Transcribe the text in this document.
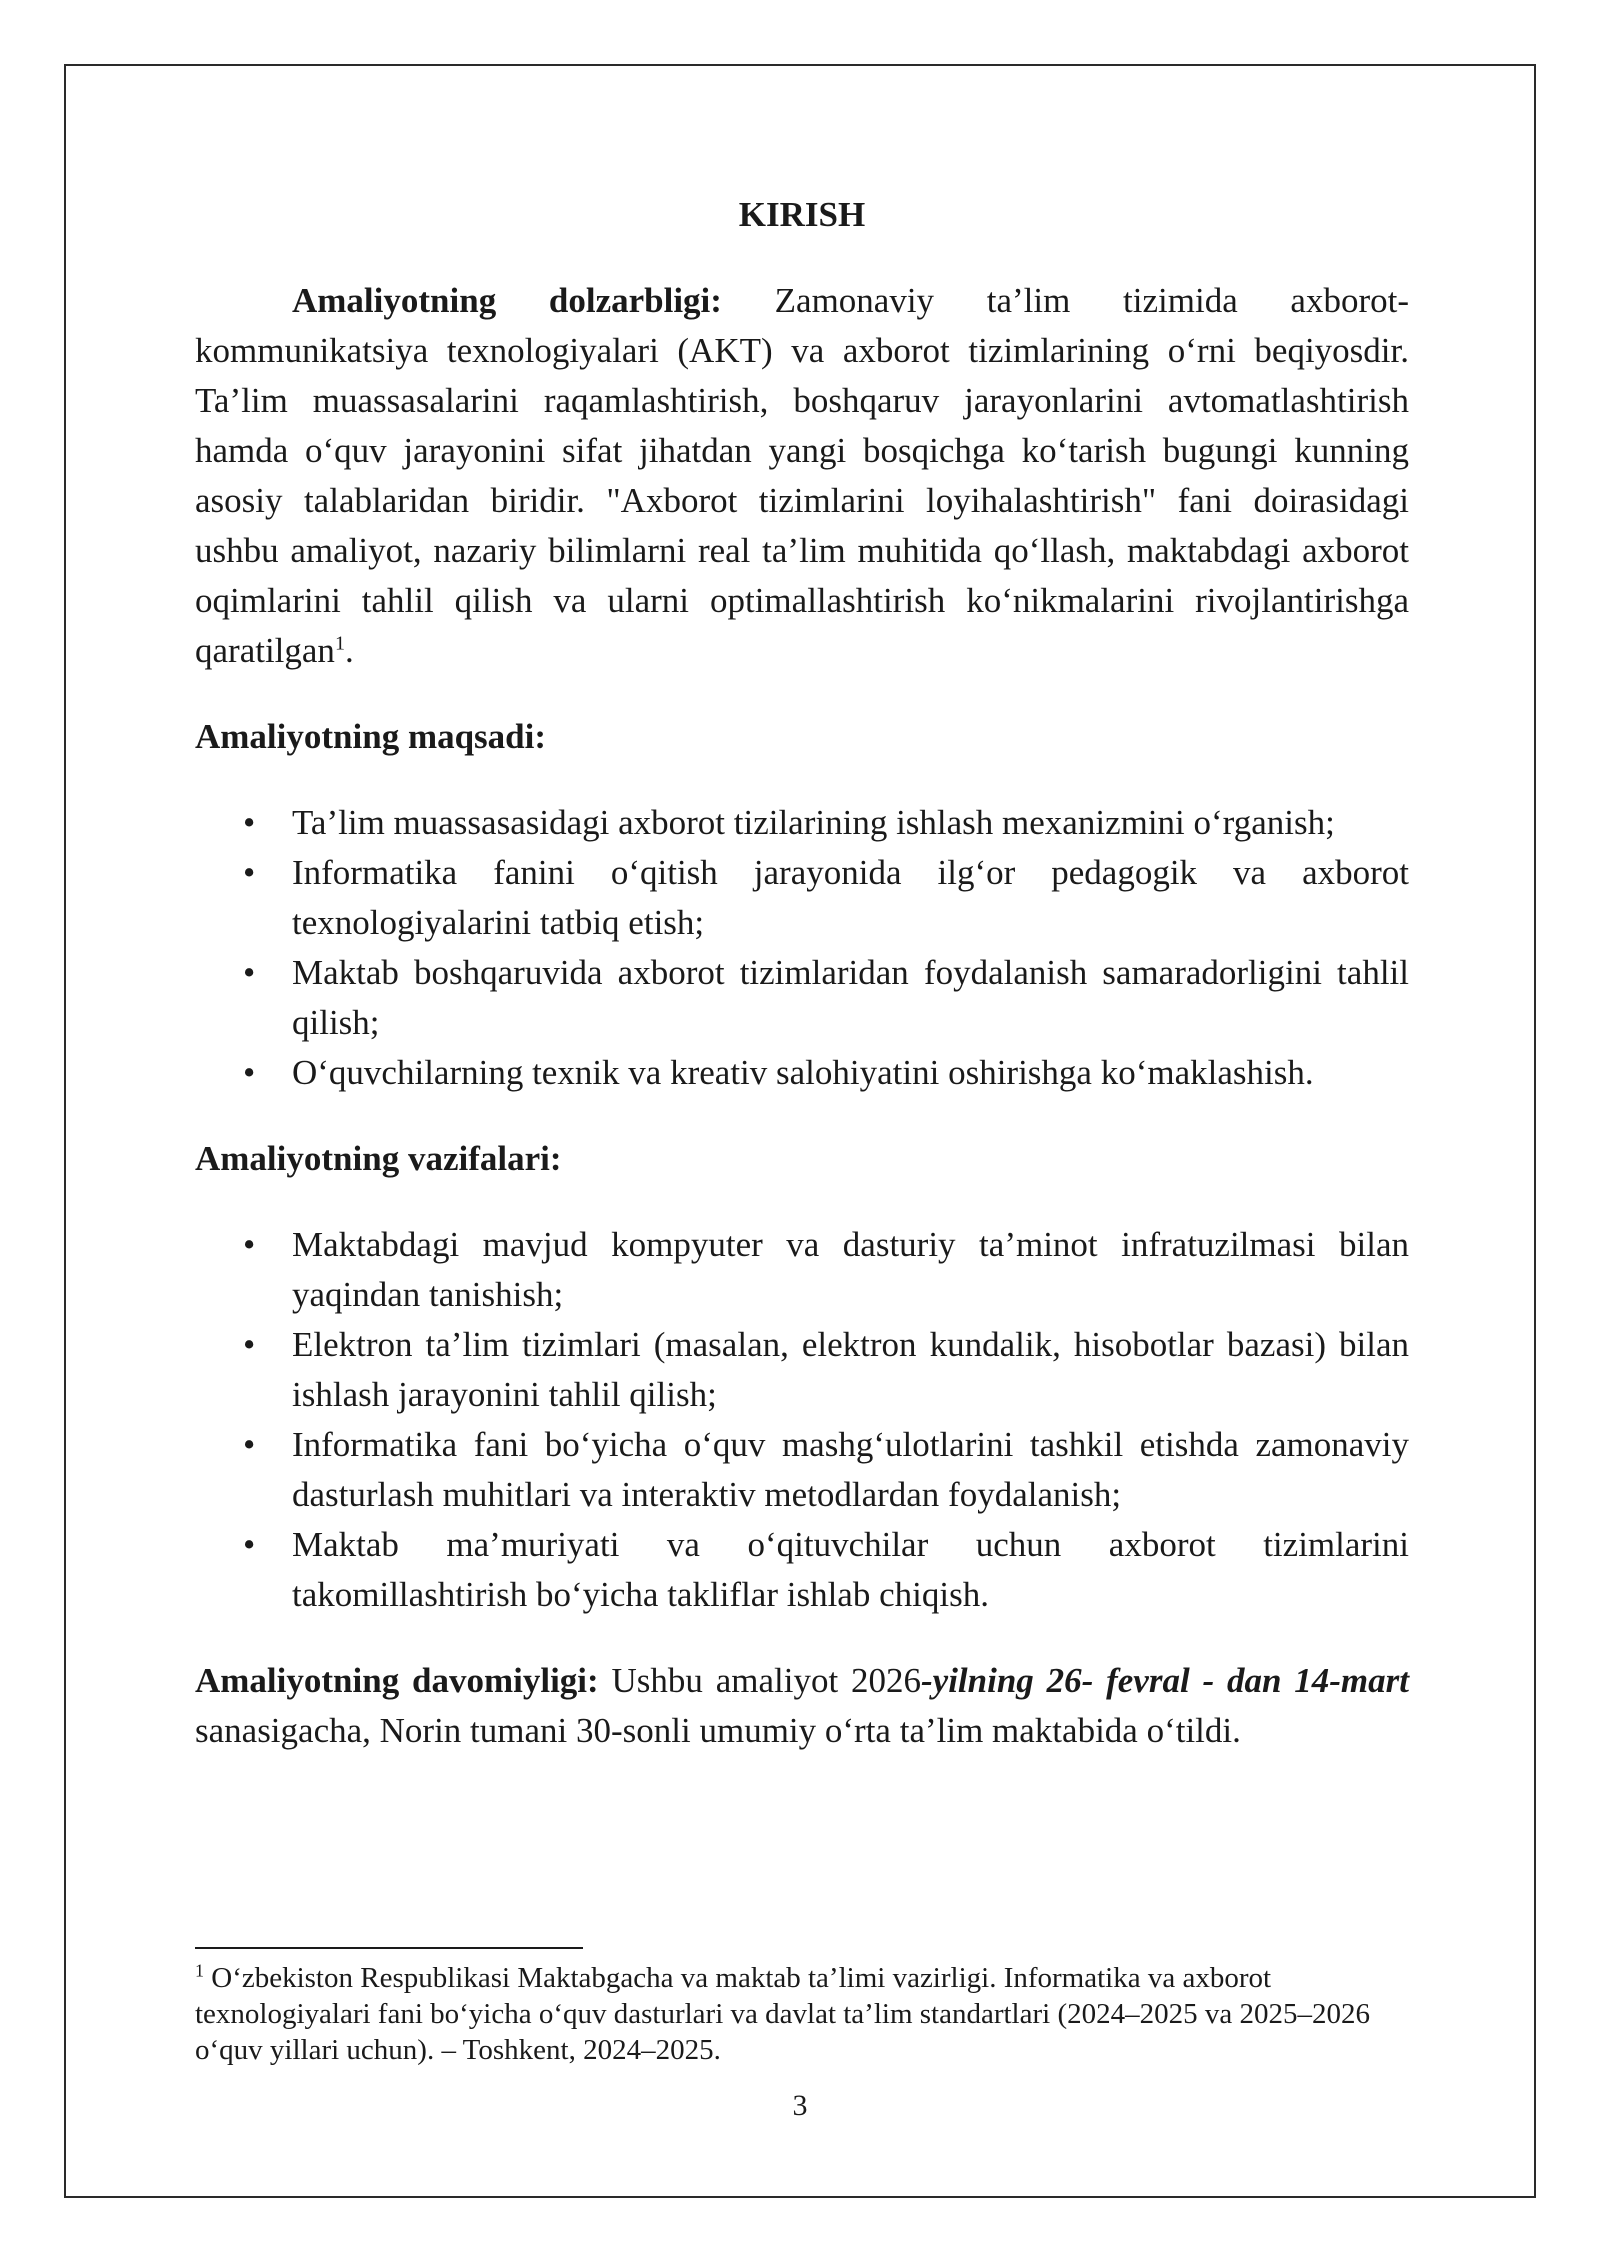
KIRISH

Amaliyotning dolzarbligi: Zamonaviy ta’lim tizimida axborot-kommunikatsiya texnologiyalari (AKT) va axborot tizimlarining o‘rni beqiyosdir. Ta’lim muassasalarini raqamlashtirish, boshqaruv jarayonlarini avtomatlashtirish hamda o‘quv jarayonini sifat jihatdan yangi bosqichga ko‘tarish bugungi kunning asosiy talablaridan biridir. "Axborot tizimlarini loyihalashtirish" fani doirasidagi ushbu amaliyot, nazariy bilimlarni real ta’lim muhitida qo‘llash, maktabdagi axborot oqimlarini tahlil qilish va ularni optimallashtirish ko‘nikmalarini rivojlantirishga qaratilgan$^1$.

Amaliyotning maqsadi:
• Ta’lim muassasasidagi axborot tizilarining ishlash mexanizmini o‘rganish;
• Informatika fanini o‘qitish jarayonida ilg‘or pedagogik va axborot texnologiyalarini tatbiq etish;
• Maktab boshqaruvida axborot tizimlaridan foydalanish samaradorligini tahlil qilish;
• O‘quvchilarning texnik va kreativ salohiyatini oshirishga ko‘maklashish.
Amaliyotning vazifalari:
• Maktabdagi mavjud kompyuter va dasturiy ta’minot infratuzilmasi bilan yaqindan tanishish;
• Elektron ta’lim tizimlari (masalan, elektron kundalik, hisobotlar bazasi) bilan ishlash jarayonini tahlil qilish;
• Informatika fani bo‘yicha o‘quv mashg‘ulotlarini tashkil etishda zamonaviy dasturlash muhitlari va interaktiv metodlardan foydalanish;
• Maktab ma’muriyati va o‘qituvchilar uchun axborot tizimlarini takomillashtirish bo‘yicha takliflar ishlab chiqish.

Amaliyotning davomiyligi: Ushbu amaliyot 2026-yilning 26- fevral - dan 14-mart sanasigacha, Norin tumani 30-sonli umumiy o‘rta ta’lim maktabida o‘tildi.

$^1$ O‘zbekiston Respublikasi Maktabgacha va maktab ta’limi vazirligi. Informatika va axborot texnologiyalari fani bo‘yicha o‘quv dasturlari va davlat ta’lim standartlari (2024–2025 va 2025–2026 o‘quv yillari uchun). – Toshkent, 2024–2025.

3
